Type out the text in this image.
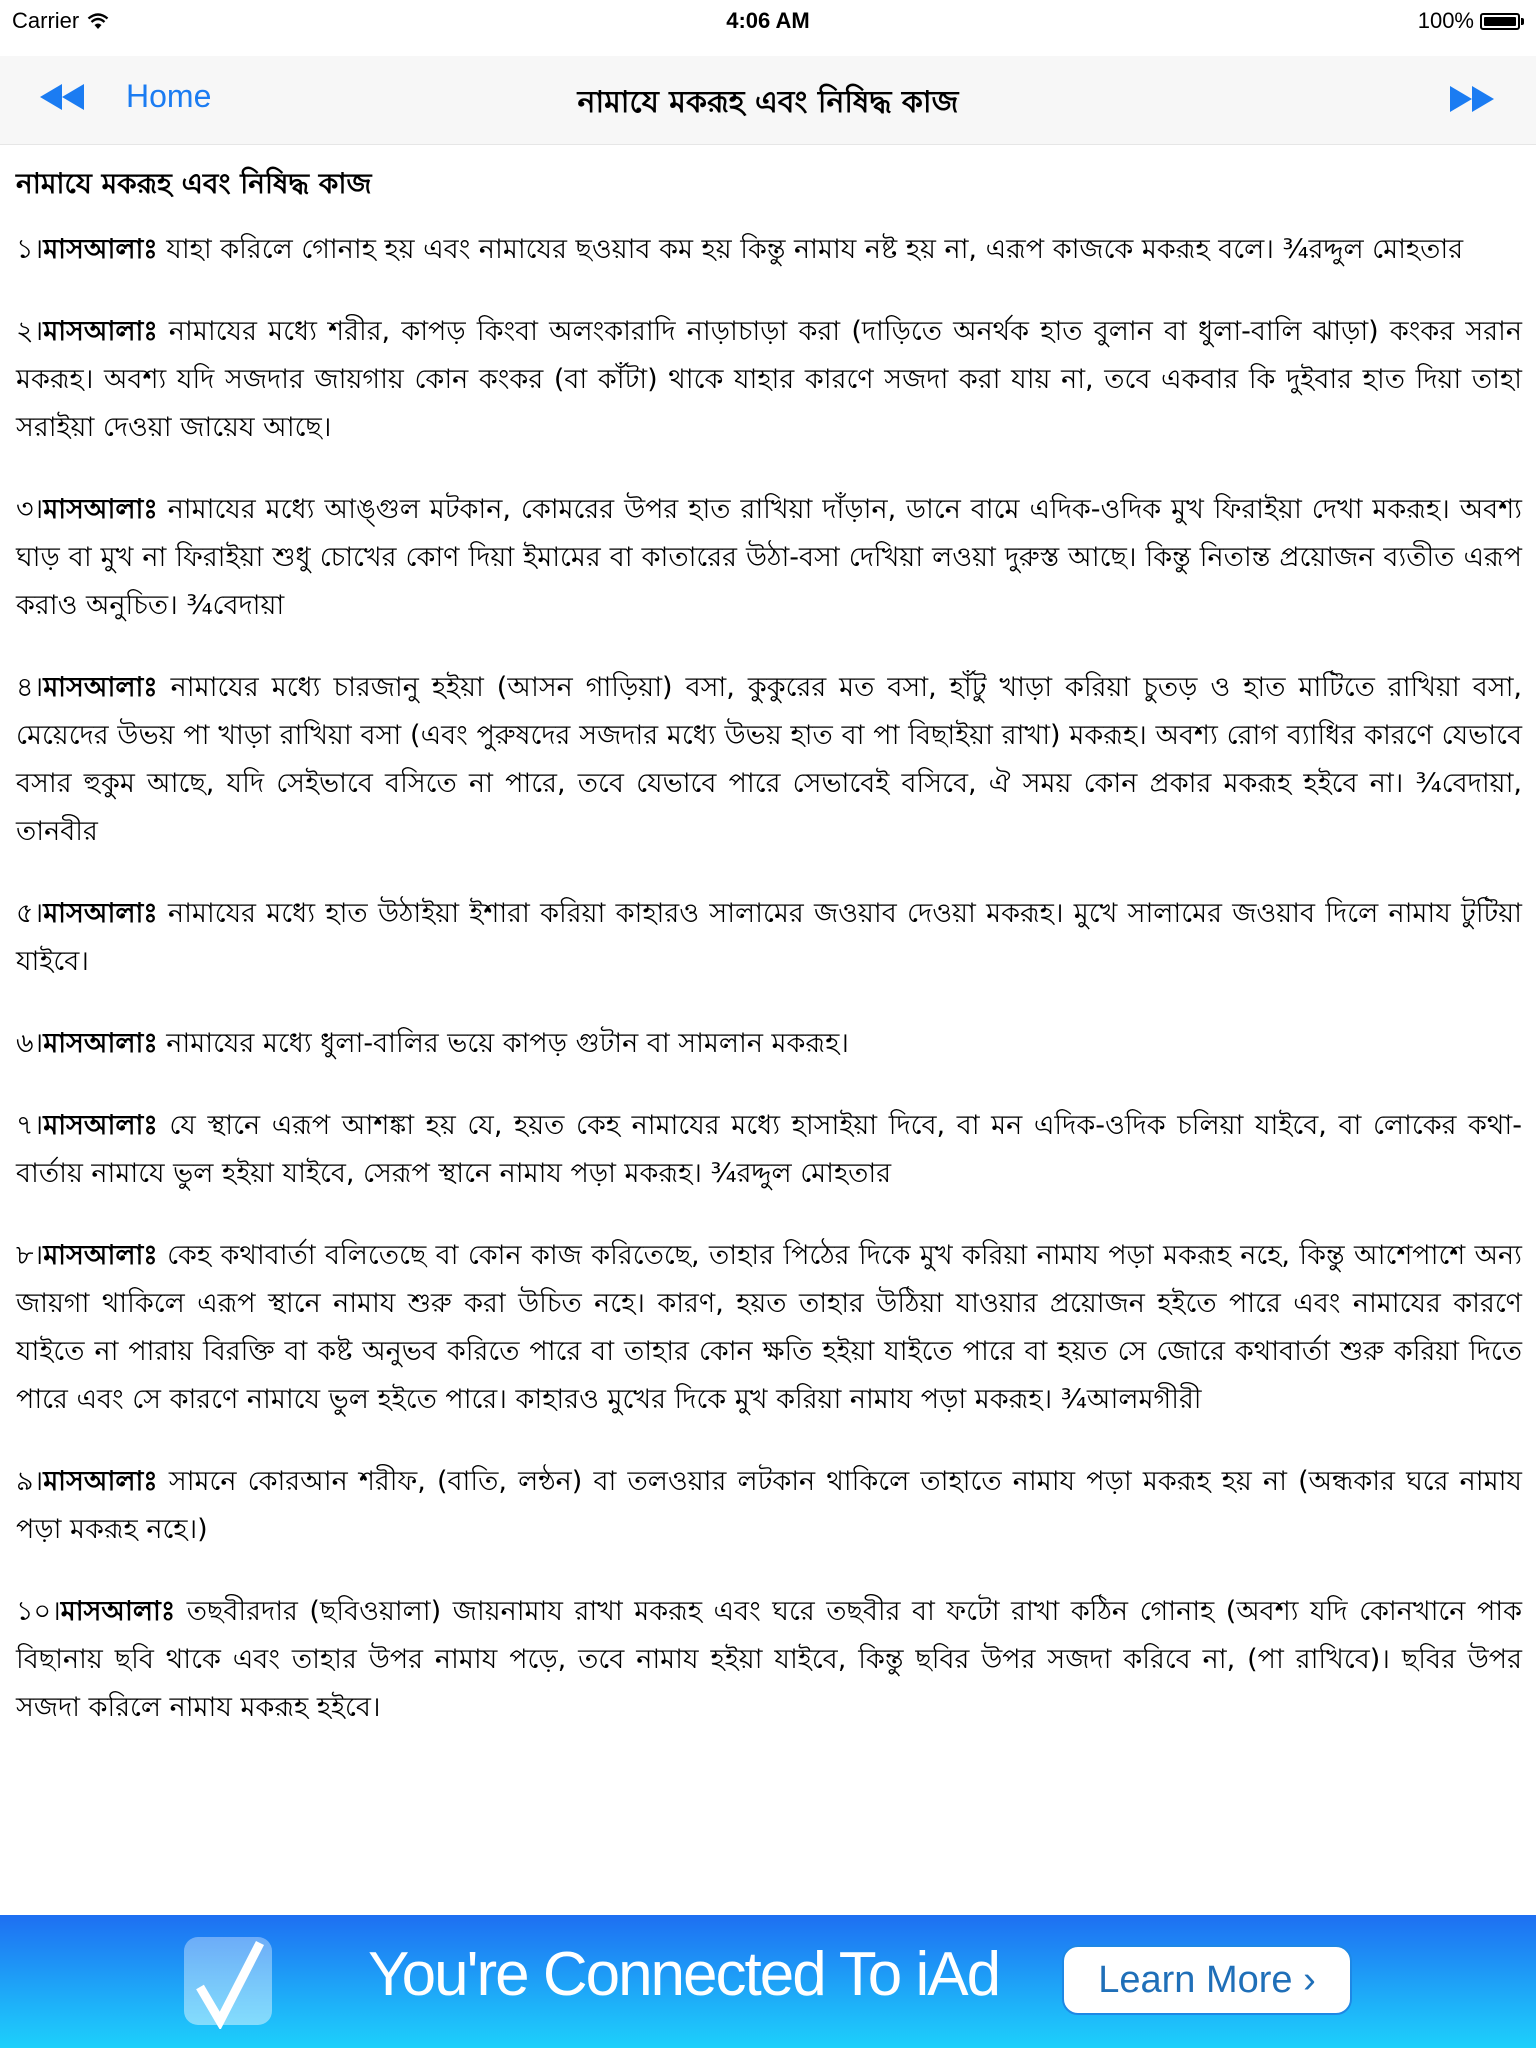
Carrier	4:06 AM	100%
Home	নামাযে মকরূহ এবং নিষিদ্ধ কাজ
নামাযে মকরূহ এবং নিষিদ্ধ কাজ

১।মাসআলাঃ যাহা করিলে গোনাহ হয় এবং নামাযের ছওয়াব কম হয় কিন্তু নামায নষ্ট হয় না, এরূপ কাজকে মকরূহ বলে। ¾রদ্দুল মোহতার

২।মাসআলাঃ নামাযের মধ্যে শরীর, কাপড় কিংবা অলংকারাদি নাড়াচাড়া করা (দাড়িতে অনর্থক হাত বুলান বা ধুলা-বালি ঝাড়া) কংকর সরান মকরূহ। অবশ্য যদি সজদার জায়গায় কোন কংকর (বা কাঁটা) থাকে যাহার কারণে সজদা করা যায় না, তবে একবার কি দুইবার হাত দিয়া তাহা সরাইয়া দেওয়া জায়েয আছে।

৩।মাসআলাঃ নামাযের মধ্যে আঙ্গুল মটকান, কোমরের উপর হাত রাখিয়া দাঁড়ান, ডানে বামে এদিক-ওদিক মুখ ফিরাইয়া দেখা মকরূহ। অবশ্য ঘাড় বা মুখ না ফিরাইয়া শুধু চোখের কোণ দিয়া ইমামের বা কাতারের উঠা-বসা দেখিয়া লওয়া দুরুস্ত আছে। কিন্তু নিতান্ত প্রয়োজন ব্যতীত এরূপ করাও অনুচিত। ¾বেদায়া

৪।মাসআলাঃ নামাযের মধ্যে চারজানু হইয়া (আসন গাড়িয়া) বসা, কুকুরের মত বসা, হাঁটু খাড়া করিয়া চুতড় ও হাত মাটিতে রাখিয়া বসা, মেয়েদের উভয় পা খাড়া রাখিয়া বসা (এবং পুরুষদের সজদার মধ্যে উভয় হাত বা পা বিছাইয়া রাখা) মকরূহ। অবশ্য রোগ ব্যাধির কারণে যেভাবে বসার হুকুম আছে, যদি সেইভাবে বসিতে না পারে, তবে যেভাবে পারে সেভাবেই বসিবে, ঐ সময় কোন প্রকার মকরূহ হইবে না। ¾বেদায়া, তানবীর

৫।মাসআলাঃ নামাযের মধ্যে হাত উঠাইয়া ইশারা করিয়া কাহারও সালামের জওয়াব দেওয়া মকরূহ। মুখে সালামের জওয়াব দিলে নামায টুটিয়া যাইবে।

৬।মাসআলাঃ নামাযের মধ্যে ধুলা-বালির ভয়ে কাপড় গুটান বা সামলান মকরূহ।

৭।মাসআলাঃ যে স্থানে এরূপ আশঙ্কা হয় যে, হয়ত কেহ নামাযের মধ্যে হাসাইয়া দিবে, বা মন এদিক-ওদিক চলিয়া যাইবে, বা লোকের কথা-বার্তায় নামাযে ভুল হইয়া যাইবে, সেরূপ স্থানে নামায পড়া মকরূহ। ¾রদ্দুল মোহতার

৮।মাসআলাঃ কেহ কথাবার্তা বলিতেছে বা কোন কাজ করিতেছে, তাহার পিঠের দিকে মুখ করিয়া নামায পড়া মকরূহ নহে, কিন্তু আশেপাশে অন্য জায়গা থাকিলে এরূপ স্থানে নামায শুরু করা উচিত নহে। কারণ, হয়ত তাহার উঠিয়া যাওয়ার প্রয়োজন হইতে পারে এবং নামাযের কারণে যাইতে না পারায় বিরক্তি বা কষ্ট অনুভব করিতে পারে বা তাহার কোন ক্ষতি হইয়া যাইতে পারে বা হয়ত সে জোরে কথাবার্তা শুরু করিয়া দিতে পারে এবং সে কারণে নামাযে ভুল হইতে পারে। কাহারও মুখের দিকে মুখ করিয়া নামায পড়া মকরূহ। ¾আলমগীরী

৯।মাসআলাঃ সামনে কোরআন শরীফ, (বাতি, লন্ঠন) বা তলওয়ার লটকান থাকিলে তাহাতে নামায পড়া মকরূহ হয় না (অন্ধকার ঘরে নামায পড়া মকরূহ নহে।)

১০।মাসআলাঃ তছবীরদার (ছবিওয়ালা) জায়নামায রাখা মকরূহ এবং ঘরে তছবীর বা ফটো রাখা কঠিন গোনাহ (অবশ্য যদি কোনখানে পাক বিছানায় ছবি থাকে এবং তাহার উপর নামায পড়ে, তবে নামায হইয়া যাইবে, কিন্তু ছবির উপর সজদা করিবে না, (পা রাখিবে)। ছবির উপর সজদা করিলে নামায মকরূহ হইবে।

You're Connected To iAd	Learn More ›
